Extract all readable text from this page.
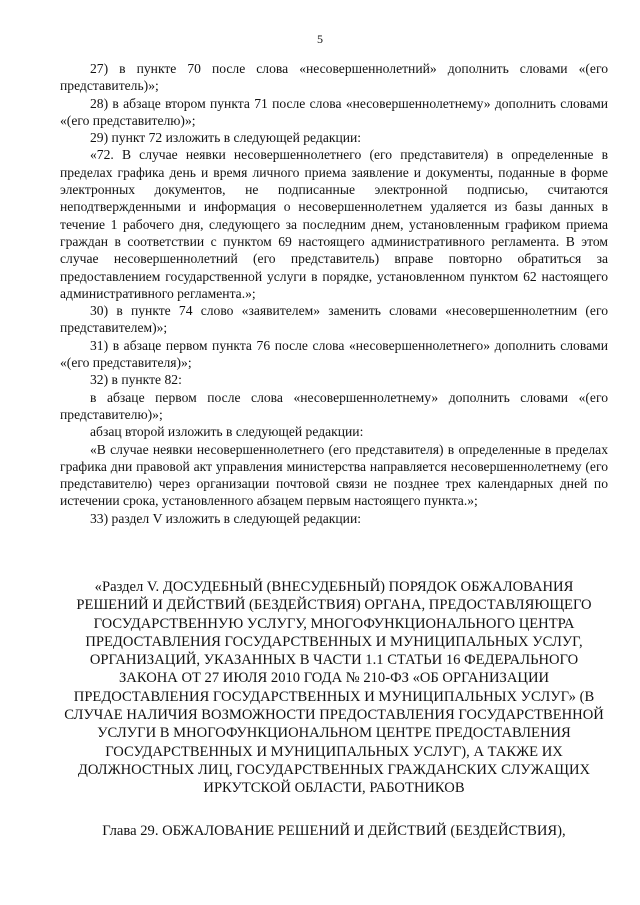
5

27) в пункте 70 после слова «несовершеннолетний» дополнить словами «(его представитель)»;

28) в абзаце втором пункта 71 после слова «несовершеннолетнему» дополнить словами «(его представителю)»;

29) пункт 72 изложить в следующей редакции:

«72. В случае неявки несовершеннолетнего (его представителя) в определенные в пределах графика день и время личного приема заявление и документы, поданные в форме электронных документов, не подписанные электронной подписью, считаются неподтвержденными и информация о несовершеннолетнем удаляется из базы данных в течение 1 рабочего дня, следующего за последним днем, установленным графиком приема граждан в соответствии с пунктом 69 настоящего административного регламента. В этом случае несовершеннолетний (его представитель) вправе повторно обратиться за предоставлением государственной услуги в порядке, установленном пунктом 62 настоящего административного регламента.»;

30) в пункте 74 слово «заявителем» заменить словами «несовершеннолетним (его представителем)»;

31) в абзаце первом пункта 76 после слова «несовершеннолетнего» дополнить словами «(его представителя)»;

32) в пункте 82:

в абзаце первом после слова «несовершеннолетнему» дополнить словами «(его представителю)»;

абзац второй изложить в следующей редакции:

«В случае неявки несовершеннолетнего (его представителя) в определенные в пределах графика дни правовой акт управления министерства направляется несовершеннолетнему (его представителю) через организации почтовой связи не позднее трех календарных дней по истечении срока, установленного абзацем первым настоящего пункта.»;

33) раздел V изложить в следующей редакции:

«Раздел V. ДОСУДЕБНЫЙ (ВНЕСУДЕБНЫЙ) ПОРЯДОК ОБЖАЛОВАНИЯ РЕШЕНИЙ И ДЕЙСТВИЙ (БЕЗДЕЙСТВИЯ) ОРГАНА, ПРЕДОСТАВЛЯЮЩЕГО ГОСУДАРСТВЕННУЮ УСЛУГУ, МНОГОФУНКЦИОНАЛЬНОГО ЦЕНТРА ПРЕДОСТАВЛЕНИЯ ГОСУДАРСТВЕННЫХ И МУНИЦИПАЛЬНЫХ УСЛУГ, ОРГАНИЗАЦИЙ, УКАЗАННЫХ В ЧАСТИ 1.1 СТАТЬИ 16 ФЕДЕРАЛЬНОГО ЗАКОНА ОТ 27 ИЮЛЯ 2010 ГОДА № 210-ФЗ «ОБ ОРГАНИЗАЦИИ ПРЕДОСТАВЛЕНИЯ ГОСУДАРСТВЕННЫХ И МУНИЦИПАЛЬНЫХ УСЛУГ» (В СЛУЧАЕ НАЛИЧИЯ ВОЗМОЖНОСТИ ПРЕДОСТАВЛЕНИЯ ГОСУДАРСТВЕННОЙ УСЛУГИ В МНОГОФУНКЦИОНАЛЬНОМ ЦЕНТРЕ ПРЕДОСТАВЛЕНИЯ ГОСУДАРСТВЕННЫХ И МУНИЦИПАЛЬНЫХ УСЛУГ), А ТАКЖЕ ИХ ДОЛЖНОСТНЫХ ЛИЦ, ГОСУДАРСТВЕННЫХ ГРАЖДАНСКИХ СЛУЖАЩИХ ИРКУТСКОЙ ОБЛАСТИ, РАБОТНИКОВ
Глава 29. ОБЖАЛОВАНИЕ РЕШЕНИЙ И ДЕЙСТВИЙ (БЕЗДЕЙСТВИЯ),
